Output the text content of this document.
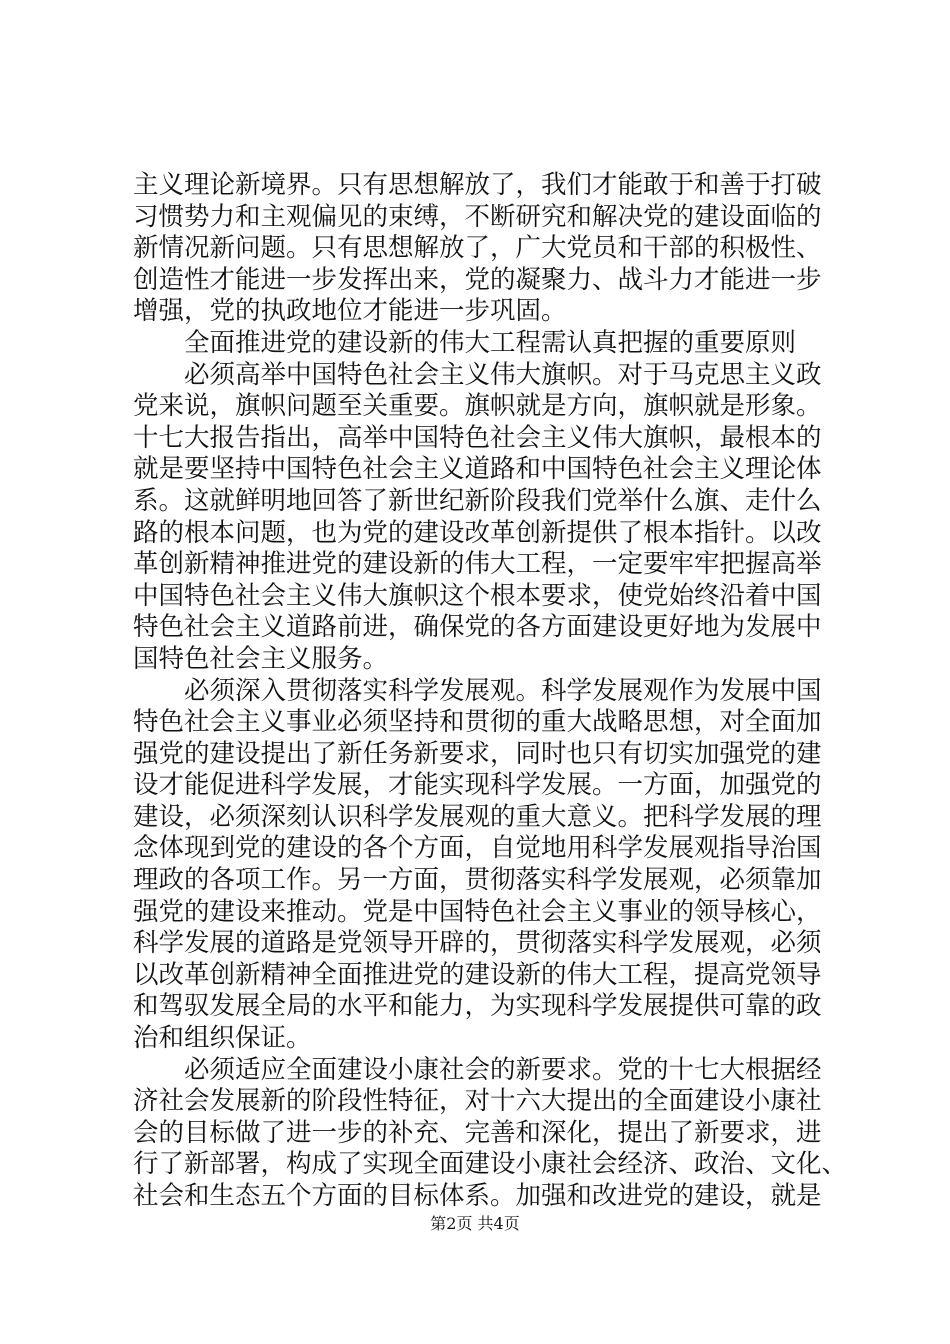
主义理论新境界。只有思想解放了，我们才能敢于和善于打破
习惯势力和主观偏见的束缚，不断研究和解决党的建设面临的
新情况新问题。只有思想解放了，广大党员和干部的积极性、
创造性才能进一步发挥出来，党的凝聚力、战斗力才能进一步
增强，党的执政地位才能进一步巩固。
全面推进党的建设新的伟大工程需认真把握的重要原则
必须高举中国特色社会主义伟大旗帜。对于马克思主义政
党来说，旗帜问题至关重要。旗帜就是方向，旗帜就是形象。
十七大报告指出，高举中国特色社会主义伟大旗帜，最根本的
就是要坚持中国特色社会主义道路和中国特色社会主义理论体
系。这就鲜明地回答了新世纪新阶段我们党举什么旗、走什么
路的根本问题，也为党的建设改革创新提供了根本指针。以改
革创新精神推进党的建设新的伟大工程，一定要牢牢把握高举
中国特色社会主义伟大旗帜这个根本要求，使党始终沿着中国
特色社会主义道路前进，确保党的各方面建设更好地为发展中
国特色社会主义服务。
必须深入贯彻落实科学发展观。科学发展观作为发展中国
特色社会主义事业必须坚持和贯彻的重大战略思想，对全面加
强党的建设提出了新任务新要求，同时也只有切实加强党的建
设才能促进科学发展，才能实现科学发展。一方面，加强党的
建设，必须深刻认识科学发展观的重大意义。把科学发展的理
念体现到党的建设的各个方面，自觉地用科学发展观指导治国
理政的各项工作。另一方面，贯彻落实科学发展观，必须靠加
强党的建设来推动。党是中国特色社会主义事业的领导核心，
科学发展的道路是党领导开辟的，贯彻落实科学发展观，必须
以改革创新精神全面推进党的建设新的伟大工程，提高党领导
和驾驭发展全局的水平和能力，为实现科学发展提供可靠的政
治和组织保证。
必须适应全面建设小康社会的新要求。党的十七大根据经
济社会发展新的阶段性特征，对十六大提出的全面建设小康社
会的目标做了进一步的补充、完善和深化，提出了新要求，进
行了新部署，构成了实现全面建设小康社会经济、政治、文化、
社会和生态五个方面的目标体系。加强和改进党的建设，就是
第2页 共4页
